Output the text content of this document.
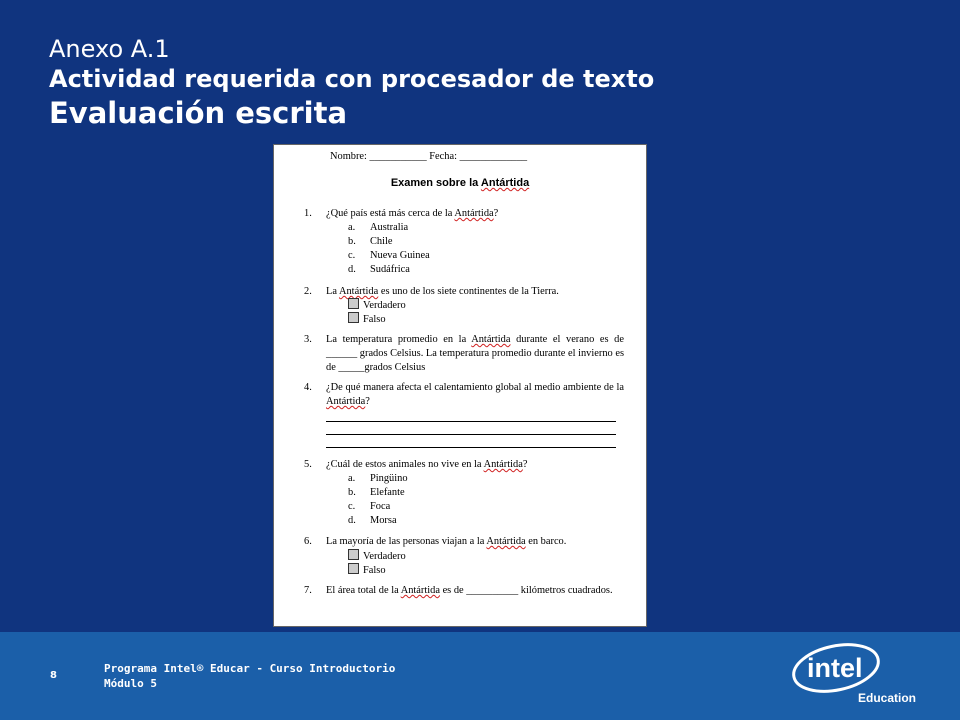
Anexo A.1
Actividad requerida con procesador de texto
Evaluación escrita
Nombre: ___________ Fecha: _____________
Examen sobre la Antártida
1. ¿Qué país está más cerca de la Antártida?
a. Australia
b. Chile
c. Nueva Guinea
d. Sudáfrica
2. La Antártida es uno de los siete continentes de la Tierra.
Verdadero
Falso
3. La temperatura promedio en la Antártida durante el verano es de ______ grados Celsius. La temperatura promedio durante el invierno es de _____grados Celsius
4. ¿De qué manera afecta el calentamiento global al medio ambiente de la Antártida?
5. ¿Cuál de estos animales no vive en la Antártida?
a. Pingüino
b. Elefante
c. Foca
d. Morsa
6. La mayoría de las personas viajan a la Antártida en barco.
Verdadero
Falso
7. El área total de la Antártida es de __________ kilómetros cuadrados.
8
Programa Intel® Educar - Curso Introductorio
Módulo 5
intel
Education
